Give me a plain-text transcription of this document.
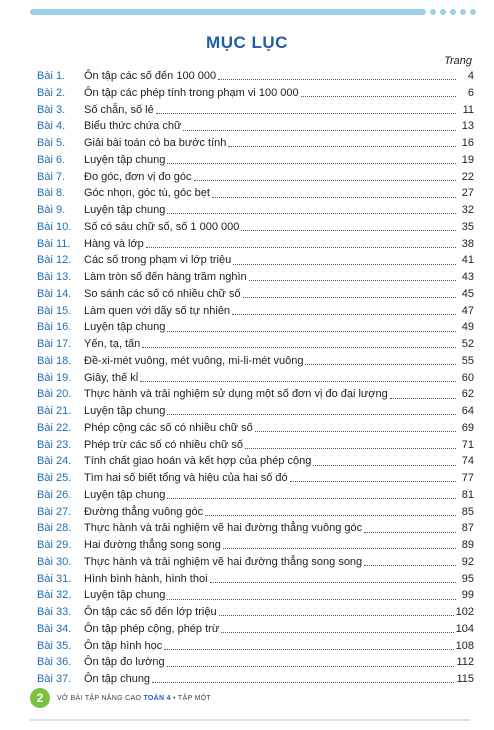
MỤC LỤC
Trang
Bài 1.	Ôn tập các số đến 100 000	4
Bài 2.	Ôn tập các phép tính trong phạm vi 100 000	6
Bài 3.	Số chẵn, số lẻ	11
Bài 4.	Biểu thức chứa chữ	13
Bài 5.	Giải bài toán có ba bước tính	16
Bài 6.	Luyện tập chung	19
Bài 7.	Đo góc, đơn vị đo góc	22
Bài 8.	Góc nhọn, góc tù, góc bẹt	27
Bài 9.	Luyện tập chung	32
Bài 10.	Số có sáu chữ số, số 1 000 000	35
Bài 11.	Hàng và lớp	38
Bài 12.	Các số trong phạm vi lớp triệu	41
Bài 13.	Làm tròn số đến hàng trăm nghìn	43
Bài 14.	So sánh các số có nhiều chữ số	45
Bài 15.	Làm quen với dãy số tự nhiên	47
Bài 16.	Luyện tập chung	49
Bài 17.	Yến, tạ, tấn	52
Bài 18.	Đề-xi-mét vuông, mét vuông, mi-li-mét vuông	55
Bài 19.	Giây, thế kỉ	60
Bài 20.	Thực hành và trải nghiệm sử dụng một số đơn vị đo đại lượng	62
Bài 21.	Luyện tập chung	64
Bài 22.	Phép cộng các số có nhiều chữ số	69
Bài 23.	Phép trừ các số có nhiều chữ số	71
Bài 24.	Tính chất giao hoán và kết hợp của phép cộng	74
Bài 25.	Tìm hai số biết tổng và hiệu của hai số đó	77
Bài 26.	Luyện tập chung	81
Bài 27.	Đường thẳng vuông góc	85
Bài 28.	Thực hành và trải nghiệm vẽ hai đường thẳng vuông góc	87
Bài 29.	Hai đường thẳng song song	89
Bài 30.	Thực hành và trải nghiệm vẽ hai đường thẳng song song	92
Bài 31.	Hình bình hành, hình thoi	95
Bài 32.	Luyện tập chung	99
Bài 33.	Ôn tập các số đến lớp triệu	102
Bài 34.	Ôn tập phép cộng, phép trừ	104
Bài 35.	Ôn tập hình học	108
Bài 36.	Ôn tập đo lường	112
Bài 37.	Ôn tập chung	115
2	VỞ BÀI TẬP NÂNG CAO TOÁN 4 • TẬP MỘT
